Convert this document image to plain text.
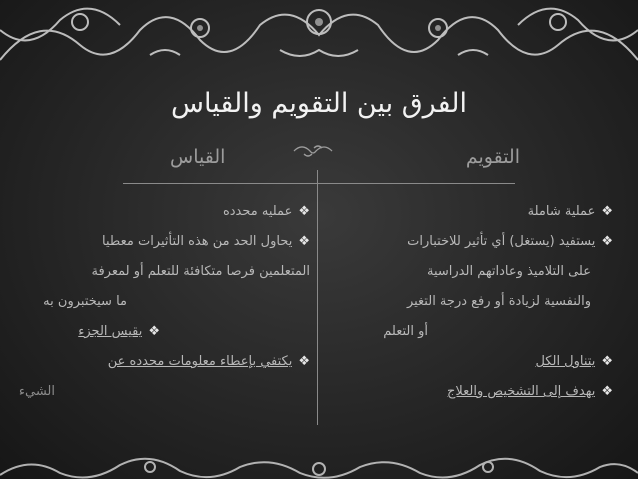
الفرق بين التقويم والقياس
التقويم
القياس
❖عملية شاملة
❖يستفيد (يستغل) أي تأثير للاختبارات
على التلاميذ وعاداتهم الدراسية
والنفسية لزيادة أو رفع درجة التغير
أو التعلم
❖يتناول الكل
❖يهدف إلى التشخيص والعلاج
❖عمليه محدده
❖يحاول الحد من هذه التأثيرات معطيا
المتعلمين فرصا متكافئة للتعلم أو لمعرفة
ما سيختبرون به
❖يقيس الجزء
❖يكتفي بإعطاء معلومات محدده عن
الشيء
